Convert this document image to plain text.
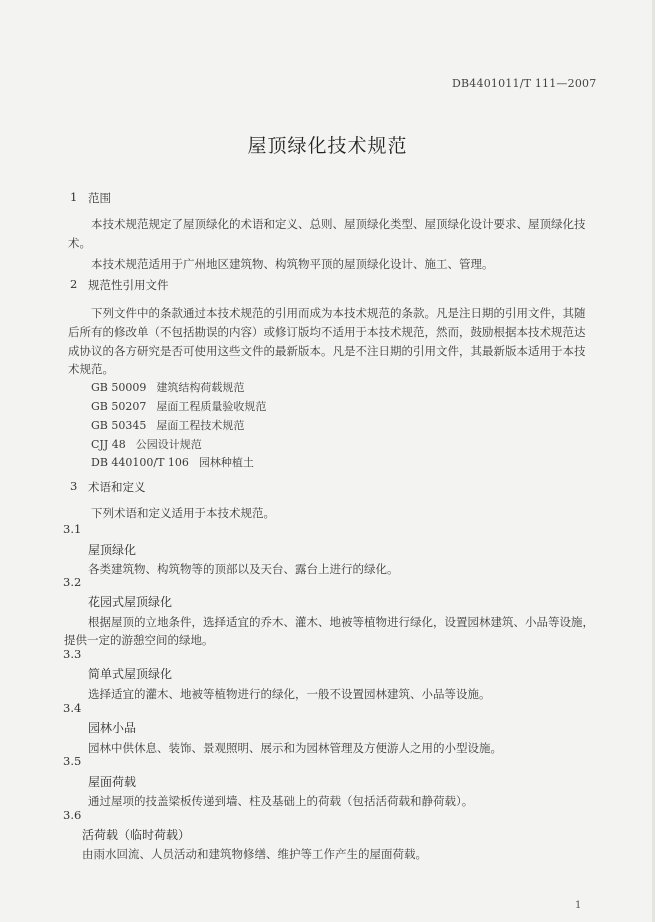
DB4401011/T 111—2007
屋顶绿化技术规范
1 范围
本技术规范规定了屋顶绿化的术语和定义、总则、屋顶绿化类型、屋顶绿化设计要求、屋顶绿化技
术。
本技术规范适用于广州地区建筑物、构筑物平顶的屋顶绿化设计、施工、管理。
2 规范性引用文件
下列文件中的条款通过本技术规范的引用而成为本技术规范的条款。凡是注日期的引用文件，其随
后所有的修改单（不包括勘误的内容）或修订版均不适用于本技术规范，然而，鼓励根据本技术规范达
成协议的各方研究是否可使用这些文件的最新版本。凡是不注日期的引用文件，其最新版本适用于本技
术规范。
GB 50009 建筑结构荷载规范
GB 50207 屋面工程质量验收规范
GB 50345 屋面工程技术规范
CJJ 48 公园设计规范
DB 440100/T 106 园林种植土
3 术语和定义
下列术语和定义适用于本技术规范。
3.1
屋顶绿化
各类建筑物、构筑物等的顶部以及天台、露台上进行的绿化。
3.2
花园式屋顶绿化
根据屋顶的立地条件，选择适宜的乔木、灌木、地被等植物进行绿化，设置园林建筑、小品等设施，
提供一定的游憩空间的绿地。
3.3
简单式屋顶绿化
选择适宜的灌木、地被等植物进行的绿化，一般不设置园林建筑、小品等设施。
3.4
园林小品
园林中供休息、装饰、景观照明、展示和为园林管理及方便游人之用的小型设施。
3.5
屋面荷载
通过屋项的技盖梁板传递到墙、柱及基础上的荷载（包括活荷载和静荷载）。
3.6
活荷载（临时荷载）
由雨水回流、人员活动和建筑物修缮、维护等工作产生的屋面荷载。
1
